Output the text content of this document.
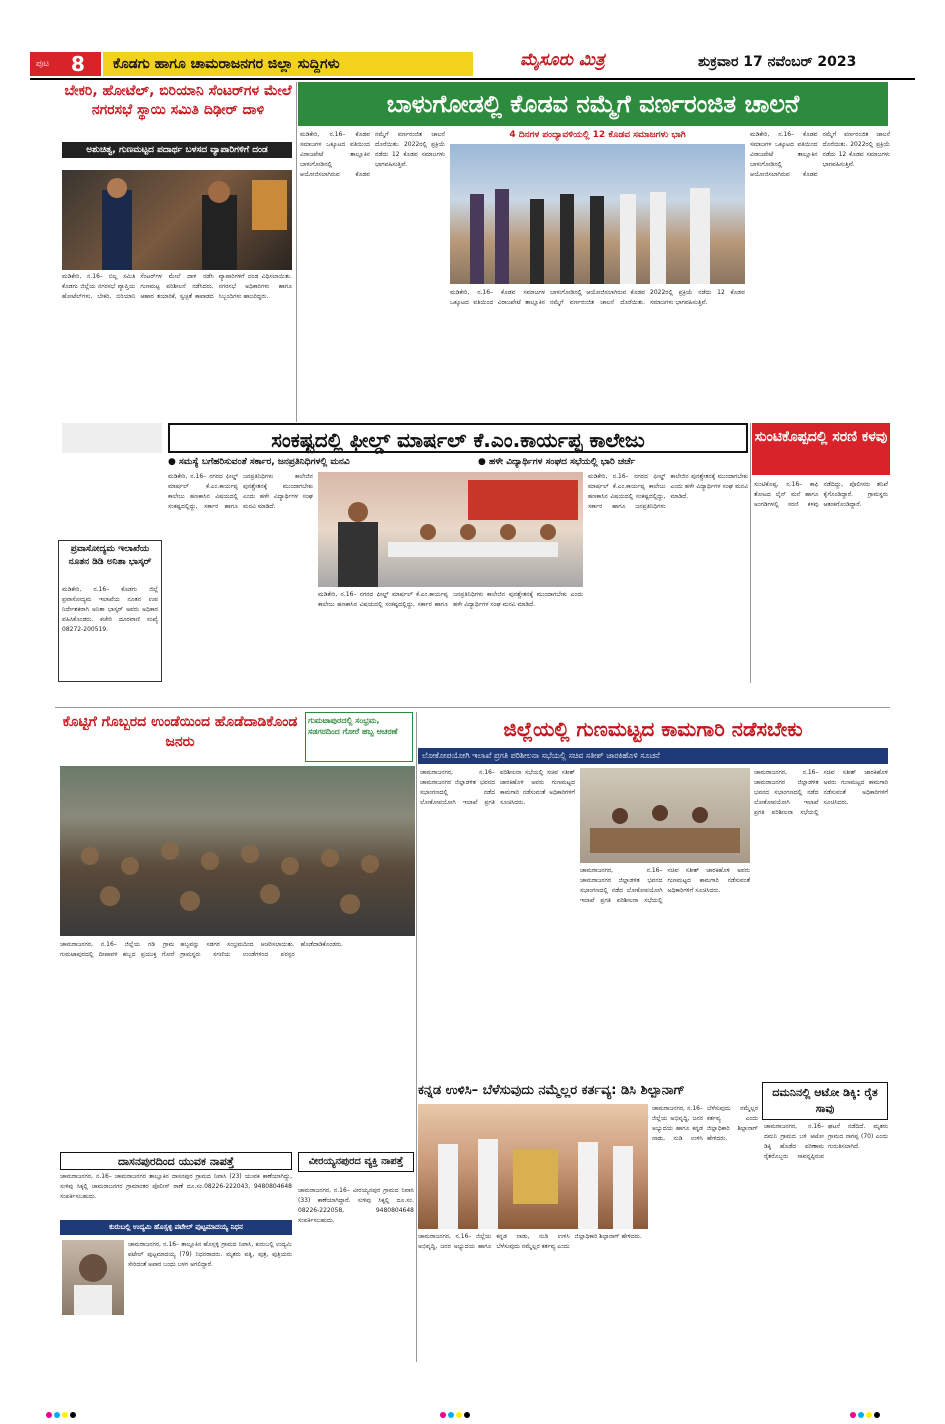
ಪುಟ	8	ಕೊಡಗು ಹಾಗೂ ಚಾಮರಾಜನಗರ ಜಿಲ್ಲಾ ಸುದ್ದಿಗಳು	ಮೈಸೂರು ಮಿತ್ರ	ಶುಕ್ರವಾರ 17 ನವೆಂಬರ್ 2023
ಬೇಕರಿ, ಹೋಟೆಲ್, ಬಿರಿಯಾನಿ ಸೆಂಟರ್‌ಗಳ ಮೇಲೆ ನಗರಸಭೆ ಸ್ಥಾಯಿ ಸಮಿತಿ ದಿಢೀರ್ ದಾಳಿ
ಅಶುಚಿತ್ವ, ಗುಣಮಟ್ಟದ ಪದಾರ್ಥ ಬಳಸದ ವ್ಯಾಪಾರಿಗಳಿಗೆ ದಂಡ
ಮಡಿಕೇರಿ, ನ.16– ಬಿಲ್ಲ ಸಮಿತಿ ಕೊಡಗು ಜಿಲ್ಲೆಯ ನಗರಸಭೆ ವ್ಯಾಪ್ತಿಯ ಹೋಟೆಲ್‌ಗಳು, ಬೇಕರಿ, ಬಿರಿಯಾನಿ ಸೆಂಟರ್‌ಗಳ ಮೇಲೆ ದಾಳಿ ನಡೆಸಿ ಗುಣಮಟ್ಟ ಪರಿಶೀಲನೆ ನಡೆಸಿದರು. ಆಹಾರ ತಯಾರಿಕೆ, ಸ್ವಚ್ಛತೆ ಕಾಪಾಡದ ವ್ಯಾಪಾರಿಗಳಿಗೆ ದಂಡ ವಿಧಿಸಲಾಯಿತು. ನಗರಸಭೆ ಅಧಿಕಾರಿಗಳು ಹಾಗೂ ಸಿಬ್ಬಂದಿಗಳು ಹಾಜರಿದ್ದರು.
ಬಾಳುಗೋಡಲ್ಲಿ ಕೊಡವ ನಮ್ಮೆಗೆ ವರ್ಣರಂಜಿತ ಚಾಲನೆ
ಮಡಿಕೇರಿ, ನ.16– ಕೊಡವ ಸಮಾಜಗಳ ಒಕ್ಕೂಟದ ವತಿಯಿಂದ ವಿರಾಜಪೇಟೆ ತಾಲ್ಲೂಕಿನ ಬಾಳುಗೋಡಿನಲ್ಲಿ ಆಯೋಜಿಸಲಾಗಿರುವ ಕೊಡವ ನಮ್ಮೆಗೆ ವರ್ಣರಂಜಿತ ಚಾಲನೆ ದೊರೆಯಿತು. 2022ರಲ್ಲಿ ಪ್ರಕ್ರಿಯೆ ನಡೆದು 12 ಕೊಡವ ಸಮಾಜಗಳು ಭಾಗವಹಿಸುತ್ತಿವೆ.
4 ದಿನಗಳ ಪಂದ್ಯಾವಳಿಯಲ್ಲಿ 12 ಕೊಡವ ಸಮಾಜಗಳು ಭಾಗಿ
ಮಡಿಕೇರಿ, ನ.16– ಕೊಡವ ಸಮಾಜಗಳ ಒಕ್ಕೂಟದ ವತಿಯಿಂದ ವಿರಾಜಪೇಟೆ ತಾಲ್ಲೂಕಿನ ಬಾಳುಗೋಡಿನಲ್ಲಿ ಆಯೋಜಿಸಲಾಗಿರುವ ಕೊಡವ ನಮ್ಮೆಗೆ ವರ್ಣರಂಜಿತ ಚಾಲನೆ ದೊರೆಯಿತು. 2022ರಲ್ಲಿ ಪ್ರಕ್ರಿಯೆ ನಡೆದು 12 ಕೊಡವ ಸಮಾಜಗಳು ಭಾಗವಹಿಸುತ್ತಿವೆ.
ಮಡಿಕೇರಿ, ನ.16– ಕೊಡವ ಸಮಾಜಗಳ ಒಕ್ಕೂಟದ ವತಿಯಿಂದ ವಿರಾಜಪೇಟೆ ತಾಲ್ಲೂಕಿನ ಬಾಳುಗೋಡಿನಲ್ಲಿ ಆಯೋಜಿಸಲಾಗಿರುವ ಕೊಡವ ನಮ್ಮೆಗೆ ವರ್ಣರಂಜಿತ ಚಾಲನೆ ದೊರೆಯಿತು. 2022ರಲ್ಲಿ ಪ್ರಕ್ರಿಯೆ ನಡೆದು 12 ಕೊಡವ ಸಮಾಜಗಳು ಭಾಗವಹಿಸುತ್ತಿವೆ.
ಸಂಕಷ್ಟದಲ್ಲಿ ಫೀಲ್ಡ್ ಮಾರ್ಷಲ್ ಕೆ.ಎಂ.ಕಾರ್ಯಪ್ಪ ಕಾಲೇಜು
● ಸಮಸ್ಯೆ ಬಗೆಹರಿಸುವಂತೆ ಸರ್ಕಾರ, ಜನಪ್ರತಿನಿಧಿಗಳಲ್ಲಿ ಮನವಿ	● ಹಳೇ ವಿದ್ಯಾರ್ಥಿಗಳ ಸಂಘದ ಸಭೆಯಲ್ಲಿ ಭಾರಿ ಚರ್ಚೆ
ಮಡಿಕೇರಿ, ನ.16– ನಗರದ ಫೀಲ್ಡ್ ಮಾರ್ಷಲ್ ಕೆ.ಎಂ.ಕಾರ್ಯಪ್ಪ ಕಾಲೇಜು ಹಣಕಾಸಿನ ವಿಷಯದಲ್ಲಿ ಸಂಕಷ್ಟದಲ್ಲಿದ್ದು, ಸರ್ಕಾರ ಹಾಗೂ ಜನಪ್ರತಿನಿಧಿಗಳು ಕಾಲೇಜಿನ ಪುನಶ್ಚೇತನಕ್ಕೆ ಮುಂದಾಗಬೇಕು ಎಂದು ಹಳೇ ವಿದ್ಯಾರ್ಥಿಗಳ ಸಂಘ ಮನವಿ ಮಾಡಿದೆ.
ಮಡಿಕೇರಿ, ನ.16– ನಗರದ ಫೀಲ್ಡ್ ಮಾರ್ಷಲ್ ಕೆ.ಎಂ.ಕಾರ್ಯಪ್ಪ ಕಾಲೇಜು ಹಣಕಾಸಿನ ವಿಷಯದಲ್ಲಿ ಸಂಕಷ್ಟದಲ್ಲಿದ್ದು, ಸರ್ಕಾರ ಹಾಗೂ ಜನಪ್ರತಿನಿಧಿಗಳು ಕಾಲೇಜಿನ ಪುನಶ್ಚೇತನಕ್ಕೆ ಮುಂದಾಗಬೇಕು ಎಂದು ಹಳೇ ವಿದ್ಯಾರ್ಥಿಗಳ ಸಂಘ ಮನವಿ ಮಾಡಿದೆ.
ಮಡಿಕೇರಿ, ನ.16– ನಗರದ ಫೀಲ್ಡ್ ಮಾರ್ಷಲ್ ಕೆ.ಎಂ.ಕಾರ್ಯಪ್ಪ ಕಾಲೇಜು ಹಣಕಾಸಿನ ವಿಷಯದಲ್ಲಿ ಸಂಕಷ್ಟದಲ್ಲಿದ್ದು, ಸರ್ಕಾರ ಹಾಗೂ ಜನಪ್ರತಿನಿಧಿಗಳು ಕಾಲೇಜಿನ ಪುನಶ್ಚೇತನಕ್ಕೆ ಮುಂದಾಗಬೇಕು ಎಂದು ಹಳೇ ವಿದ್ಯಾರ್ಥಿಗಳ ಸಂಘ ಮನವಿ ಮಾಡಿದೆ.
ಸುಂಟಿಕೊಪ್ಪದಲ್ಲಿ ಸರಣಿ ಕಳವು
ಸುಂಟಿಕೊಪ್ಪ, ನ.16– ಕಾಫಿ ತೋಟದ ಲೈನ್ ಮನೆ ಹಾಗೂ ಅಂಗಡಿಗಳಲ್ಲಿ ಸರಣಿ ಕಳವು ನಡೆದಿದ್ದು, ಪೊಲೀಸರು ತನಿಖೆ ಕೈಗೊಂಡಿದ್ದಾರೆ. ಗ್ರಾಮಸ್ಥರು ಆತಂಕಗೊಂಡಿದ್ದಾರೆ.
ಪ್ರವಾಸೋದ್ಯಮ ಇಲಾಖೆಯ ನೂತನ ಡಿಡಿ ಅನಿತಾ ಭಾಸ್ಕರ್
ಮಡಿಕೇರಿ, ನ.16– ಕೊಡಗು ಜಿಲ್ಲೆ ಪ್ರವಾಸೋದ್ಯಮ ಇಲಾಖೆಯ ನೂತನ ಉಪ ನಿರ್ದೇಶಕರಾಗಿ ಅನಿತಾ ಭಾಸ್ಕರ್ ಅವರು ಅಧಿಕಾರ ವಹಿಸಿಕೊಂಡರು. ಕಚೇರಿ ದೂರವಾಣಿ ಸಂಖ್ಯೆ 08272-200519.
ಕೊಟ್ಟಿಗೆ ಗೊಬ್ಬರದ ಉಂಡೆಯಿಂದ ಹೊಡೆದಾಡಿಕೊಂಡ ಜನರು
ಗುಮಟಾಪುರದಲ್ಲಿ ಸಂಭ್ರಮ, ಸಡಗರದಿಂದ ಗೋರೆ ಹಬ್ಬ ಆಚರಣೆ
ಚಾಮರಾಜನಗರ, ನ.16– ಜಿಲ್ಲೆಯ ಗಡಿ ಗ್ರಾಮ ಗುಮಟಾಪುರದಲ್ಲಿ ದೀಪಾವಳಿ ಹಬ್ಬದ ಪ್ರಯುಕ್ತ ಗೋರೆ ಹಬ್ಬವನ್ನು ಸಡಗರ ಸಂಭ್ರಮದಿಂದ ಆಚರಿಸಲಾಯಿತು. ಗ್ರಾಮಸ್ಥರು ಸಗಣಿಯ ಉಂಡೆಗಳಿಂದ ಪರಸ್ಪರ ಹೊಡೆದಾಡಿಕೊಂಡರು.
ಜಿಲ್ಲೆಯಲ್ಲಿ ಗುಣಮಟ್ಟದ ಕಾಮಗಾರಿ ನಡೆಸಬೇಕು
ಲೋಕೋಪಯೋಗಿ ಇಲಾಖೆ ಪ್ರಗತಿ ಪರಿಶೀಲನಾ ಸಭೆಯಲ್ಲಿ ಸಚಿವ ಸತೀಶ್ ಜಾರಕಿಹೊಳಿ ಸೂಚನೆ
ಚಾಮರಾಜನಗರ, ನ.16– ಚಾಮರಾಜನಗರ ಜಿಲ್ಲಾಡಳಿತ ಭವನದ ಸಭಾಂಗಣದಲ್ಲಿ ನಡೆದ ಲೋಕೋಪಯೋಗಿ ಇಲಾಖೆ ಪ್ರಗತಿ ಪರಿಶೀಲನಾ ಸಭೆಯಲ್ಲಿ ಸಚಿವ ಸತೀಶ್ ಜಾರಕಿಹೊಳಿ ಅವರು ಗುಣಮಟ್ಟದ ಕಾಮಗಾರಿ ನಡೆಸುವಂತೆ ಅಧಿಕಾರಿಗಳಿಗೆ ಸೂಚಿಸಿದರು.
ಚಾಮರಾಜನಗರ, ನ.16– ಚಾಮರಾಜನಗರ ಜಿಲ್ಲಾಡಳಿತ ಭವನದ ಸಭಾಂಗಣದಲ್ಲಿ ನಡೆದ ಲೋಕೋಪಯೋಗಿ ಇಲಾಖೆ ಪ್ರಗತಿ ಪರಿಶೀಲನಾ ಸಭೆಯಲ್ಲಿ ಸಚಿವ ಸತೀಶ್ ಜಾರಕಿಹೊಳಿ ಅವರು ಗುಣಮಟ್ಟದ ಕಾಮಗಾರಿ ನಡೆಸುವಂತೆ ಅಧಿಕಾರಿಗಳಿಗೆ ಸೂಚಿಸಿದರು.
ಚಾಮರಾಜನಗರ, ನ.16– ಚಾಮರಾಜನಗರ ಜಿಲ್ಲಾಡಳಿತ ಭವನದ ಸಭಾಂಗಣದಲ್ಲಿ ನಡೆದ ಲೋಕೋಪಯೋಗಿ ಇಲಾಖೆ ಪ್ರಗತಿ ಪರಿಶೀಲನಾ ಸಭೆಯಲ್ಲಿ ಸಚಿವ ಸತೀಶ್ ಜಾರಕಿಹೊಳಿ ಅವರು ಗುಣಮಟ್ಟದ ಕಾಮಗಾರಿ ನಡೆಸುವಂತೆ ಅಧಿಕಾರಿಗಳಿಗೆ ಸೂಚಿಸಿದರು.
ಕನ್ನಡ ಉಳಿಸಿ– ಬೆಳೆಸುವುದು ನಮ್ಮೆಲ್ಲರ ಕರ್ತವ್ಯ: ಡಿಸಿ ಶಿಲ್ಪಾನಾಗ್
ಚಾಮರಾಜನಗರ, ನ.16– ಜಿಲ್ಲೆಯ ಅಭಿವೃದ್ಧಿ, ಜನರ ಅಭ್ಯುದಯ ಹಾಗೂ ಕನ್ನಡ ನಾಡು, ನುಡಿ ಉಳಿಸಿ ಬೆಳೆಸುವುದು ನಮ್ಮೆಲ್ಲರ ಕರ್ತವ್ಯ ಎಂದು ಜಿಲ್ಲಾಧಿಕಾರಿ ಶಿಲ್ಪಾನಾಗ್ ಹೇಳಿದರು.
ಚಾಮರಾಜನಗರ, ನ.16– ಜಿಲ್ಲೆಯ ಅಭಿವೃದ್ಧಿ, ಜನರ ಅಭ್ಯುದಯ ಹಾಗೂ ಕನ್ನಡ ನಾಡು, ನುಡಿ ಉಳಿಸಿ ಬೆಳೆಸುವುದು ನಮ್ಮೆಲ್ಲರ ಕರ್ತವ್ಯ ಎಂದು ಜಿಲ್ಲಾಧಿಕಾರಿ ಶಿಲ್ಪಾನಾಗ್ ಹೇಳಿದರು.
ದಮನಿನಲ್ಲಿ ಆಟೋ ಡಿಕ್ಕಿ: ರೈತ ಸಾವು
ಚಾಮರಾಜನಗರ, ನ.16– ದಮನಿ ಗ್ರಾಮದ ಬಳಿ ಆಟೋ ಡಿಕ್ಕಿ ಹೊಡೆದ ಪರಿಣಾಮ ರೈತರೊಬ್ಬರು ಸಾವನ್ನಪ್ಪಿರುವ ಘಟನೆ ನಡೆದಿದೆ. ಮೃತರು ಗ್ರಾಮದ ನಾಗಪ್ಪ (70) ಎಂದು ಗುರುತಿಸಲಾಗಿದೆ.
ದಾಸನಪುರದಿಂದ ಯುವಕ ನಾಪತ್ತೆ
ಚಾಮರಾಜನಗರ, ನ.16– ಚಾಮರಾಜನಗರ ತಾಲ್ಲೂಕಿನ ದಾಸನಪುರ ಗ್ರಾಮದ ನಿವಾಸಿ (23) ಯುವಕ ಕಾಣೆಯಾಗಿದ್ದು, ಸುಳಿವು ಸಿಕ್ಕಲ್ಲಿ ಚಾಮರಾಜನಗರ ಗ್ರಾಮಾಂತರ ಪೊಲೀಸ್ ಠಾಣೆ ದೂ.ಸಂ.08226-222043, 9480804648 ಸಂಪರ್ಕಿಸಬಹುದು.
ವೀರಯ್ಯನಪುರದ ವ್ಯಕ್ತಿ ನಾಪತ್ತೆ
ಚಾಮರಾಜನಗರ, ನ.16– ವೀರಯ್ಯನಪುರ ಗ್ರಾಮದ ನಿವಾಸಿ (33) ಕಾಣೆಯಾಗಿದ್ದಾರೆ. ಸುಳಿವು ಸಿಕ್ಕಲ್ಲಿ ದೂ.ಸಂ. 08226-222058, 9480804648 ಸಂಪರ್ಕಿಸಬಹುದು.
ಕುರುಬಲ್ಲಿ ಉದ್ಯಮಿ ಹೊಸ್ಸಳ್ಳಿ ಪಟೇಲ್ ಪುಟ್ಟಮಾದಯ್ಯ ನಿಧನ
ಚಾಮರಾಜನಗರ, ನ.16– ತಾಲ್ಲೂಕಿನ ಹೊಸ್ಸಳ್ಳಿ ಗ್ರಾಮದ ನಿವಾಸಿ, ಕುರುಬಲ್ಲಿ ಉದ್ಯಮಿ ಪಟೇಲ್ ಪುಟ್ಟಮಾದಯ್ಯ (79) ನಿಧನರಾದರು. ಮೃತರು ಪತ್ನಿ, ಪುತ್ರ, ಪುತ್ರಿಯರು ಸೇರಿದಂತೆ ಅಪಾರ ಬಂಧು ಬಳಗ ಅಗಲಿದ್ದಾರೆ.
